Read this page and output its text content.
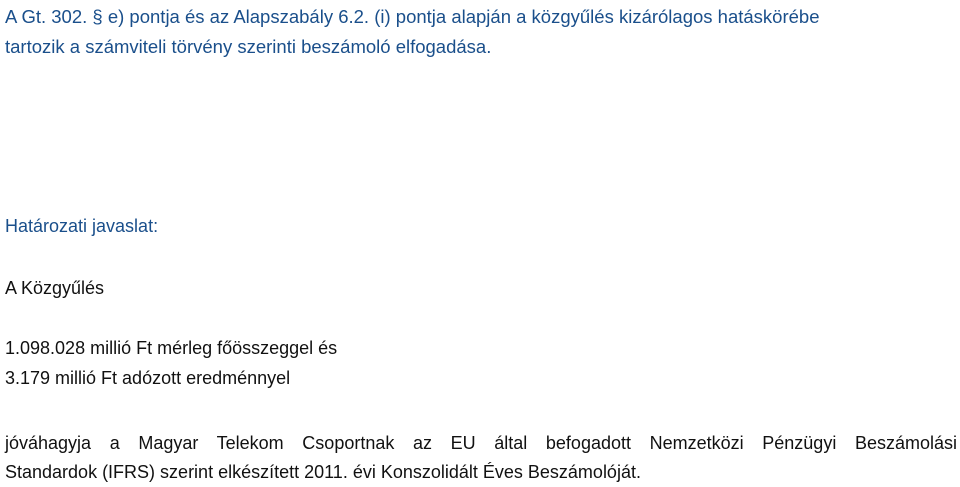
A Gt. 302. § e) pontja és az Alapszabály 6.2. (i) pontja alapján a közgyűlés kizárólagos hatáskörébe
tartozik a számviteli törvény szerinti beszámoló elfogadása.
Határozati javaslat:
A Közgyűlés
1.098.028 millió Ft mérleg főösszeggel és
3.179 millió Ft adózott eredménnyel
jóváhagyja a Magyar Telekom Csoportnak az EU által befogadott Nemzetközi Pénzügyi Beszámolási
Standardok (IFRS) szerint elkészített 2011. évi Konszolidált Éves Beszámolóját.
